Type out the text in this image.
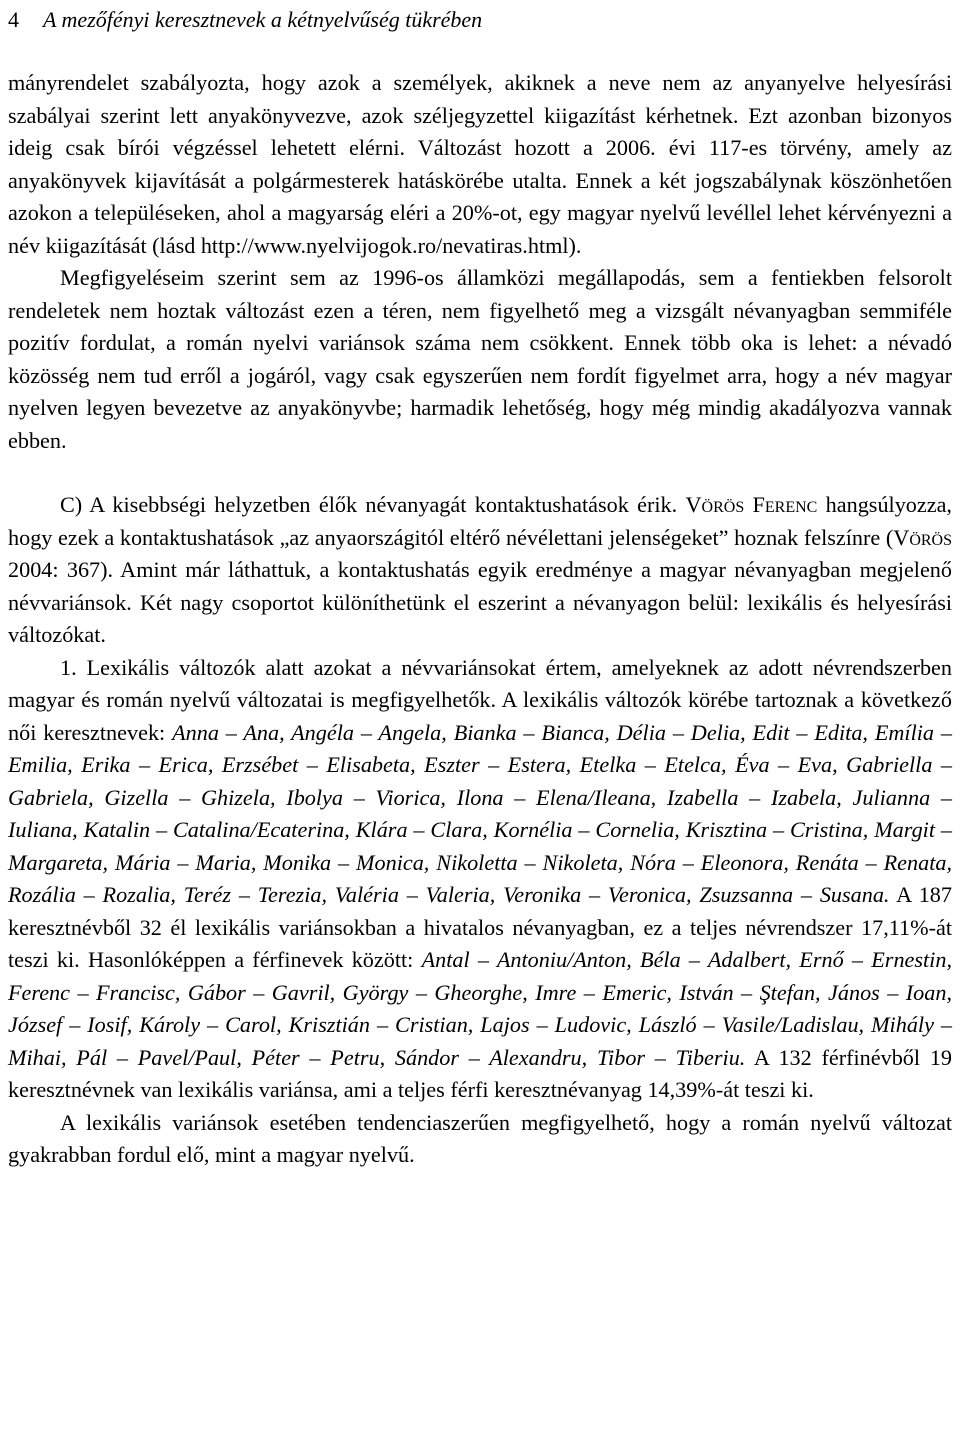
4 A mezőfényi keresztnevek a kétnyelvűség tükrében

mányrendelet szabályozta, hogy azok a személyek, akiknek a neve nem az anyanyelve helyesírási szabályai szerint lett anyakönyvezve, azok széljegyzettel kiigazítást kérhetnek. Ezt azonban bizonyos ideig csak bírói végzéssel lehetett elérni. Változást hozott a 2006. évi 117-es törvény, amely az anyakönyvek kijavítását a polgármesterek hatáskörébe utalta. Ennek a két jogszabálynak köszönhetően azokon a településeken, ahol a magyarság eléri a 20%-ot, egy magyar nyelvű levéllel lehet kérvényezni a név kiigazítását (lásd http://www.nyelvijogok.ro/nevatiras.html).

Megfigyeléseim szerint sem az 1996-os államközi megállapodás, sem a fentiekben felsorolt rendeletek nem hoztak változást ezen a téren, nem figyelhető meg a vizsgált névanyagban semmiféle pozitív fordulat, a román nyelvi variánsok száma nem csökkent. Ennek több oka is lehet: a névadó közösség nem tud erről a jogáról, vagy csak egyszerűen nem fordít figyelmet arra, hogy a név magyar nyelven legyen bevezetve az anyakönyvbe; harmadik lehetőség, hogy még mindig akadályozva vannak ebben.

C) A kisebbségi helyzetben élők névanyagát kontaktushatások érik. Vörös Ferenc hangsúlyozza, hogy ezek a kontaktushatások „az anyaországitól eltérő névélettani jelenségeket” hoznak felszínre (Vörös 2004: 367). Amint már láthattuk, a kontaktushatás egyik eredménye a magyar névanyagban megjelenő névvariánsok. Két nagy csoportot különíthetünk el eszerint a névanyagon belül: lexikális és helyesírási változókat.

1. Lexikális változók alatt azokat a névvariánsokat értem, amelyeknek az adott névrendszerben magyar és román nyelvű változatai is megfigyelhetők. A lexikális változók körébe tartoznak a következő női keresztnevek: Anna – Ana, Angéla – Angela, Bianka – Bianca, Délia – Delia, Edit – Edita, Emília – Emilia, Erika – Erica, Erzsébet – Elisabeta, Eszter – Estera, Etelka – Etelca, Éva – Eva, Gabriella – Gabriela, Gizella – Ghizela, Ibolya – Viorica, Ilona – Elena/Ileana, Izabella – Izabela, Julianna – Iuliana, Katalin – Catalina/Ecaterina, Klára – Clara, Kornélia – Cornelia, Krisztina – Cristina, Margit – Margareta, Mária – Maria, Monika – Monica, Nikoletta – Nikoleta, Nóra – Eleonora, Renáta – Renata, Rozália – Rozalia, Teréz – Terezia, Valéria – Valeria, Veronika – Veronica, Zsuzsanna – Susana. A 187 keresztnévből 32 él lexikális variánsokban a hivatalos névanyagban, ez a teljes névrendszer 17,11%-át teszi ki. Hasonlóképpen a férfinevek között: Antal – Antoniu/Anton, Béla – Adalbert, Ernő – Ernestin, Ferenc – Francisc, Gábor – Gavril, György – Gheorghe, Imre – Emeric, István – Ştefan, János – Ioan, József – Iosif, Károly – Carol, Krisztián – Cristian, Lajos – Ludovic, László – Vasile/Ladislau, Mihály – Mihai, Pál – Pavel/Paul, Péter – Petru, Sándor – Alexandru, Tibor – Tiberiu. A 132 férfinévből 19 keresztnévnek van lexikális variánsa, ami a teljes férfi keresztnévanyag 14,39%-át teszi ki.

A lexikális variánsok esetében tendenciaszerűen megfigyelhető, hogy a román nyelvű változat gyakrabban fordul elő, mint a magyar nyelvű.
